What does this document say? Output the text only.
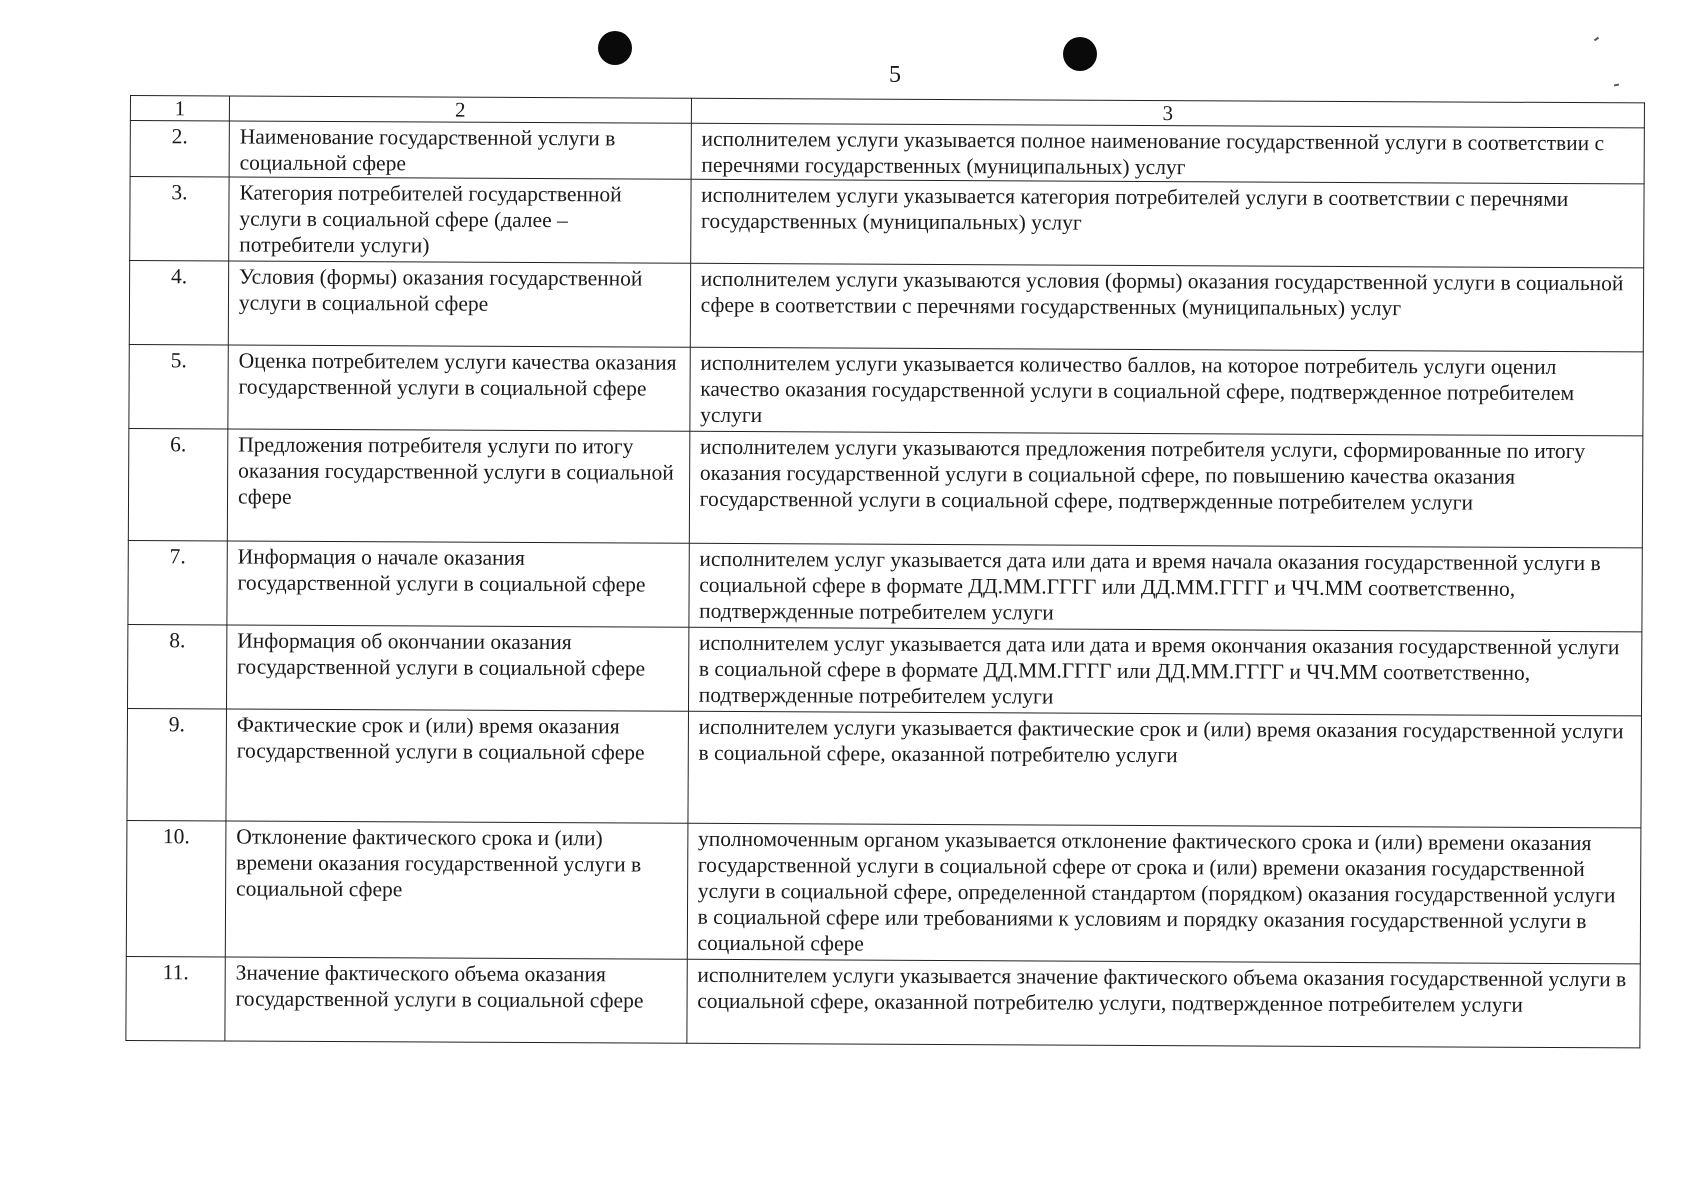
5
1	2	3
2.	Наименование государственной услуги в социальной сфере	исполнителем услуги указывается полное наименование государственной услуги в соответствии с перечнями государственных (муниципальных) услуг
3.	Категория потребителей государственной услуги в социальной сфере (далее – потребители услуги)	исполнителем услуги указывается категория потребителей услуги в соответствии с перечнями государственных (муниципальных) услуг
4.	Условия (формы) оказания государственной услуги в социальной сфере	исполнителем услуги указываются условия (формы) оказания государственной услуги в социальной сфере в соответствии с перечнями государственных (муниципальных) услуг
5.	Оценка потребителем услуги качества оказания государственной услуги в социальной сфере	исполнителем услуги указывается количество баллов, на которое потребитель услуги оценил качество оказания государственной услуги в социальной сфере, подтвержденное потребителем услуги
6.	Предложения потребителя услуги по итогу оказания государственной услуги в социальной сфере	исполнителем услуги указываются предложения потребителя услуги, сформированные по итогу оказания государственной услуги в социальной сфере, по повышению качества оказания государственной услуги в социальной сфере, подтвержденные потребителем услуги
7.	Информация о начале оказания государственной услуги в социальной сфере	исполнителем услуг указывается дата или дата и время начала оказания государственной услуги в социальной сфере в формате ДД.ММ.ГГГГ или ДД.ММ.ГГГГ и ЧЧ.ММ соответственно, подтвержденные потребителем услуги
8.	Информация об окончании оказания государственной услуги в социальной сфере	исполнителем услуг указывается дата или дата и время окончания оказания государственной услуги в социальной сфере в формате ДД.ММ.ГГГГ или ДД.ММ.ГГГГ и ЧЧ.ММ соответственно, подтвержденные потребителем услуги
9.	Фактические срок и (или) время оказания государственной услуги в социальной сфере	исполнителем услуги указывается фактические срок и (или) время оказания государственной услуги в социальной сфере, оказанной потребителю услуги
10.	Отклонение фактического срока и (или) времени оказания государственной услуги в социальной сфере	уполномоченным органом указывается отклонение фактического срока и (или) времени оказания государственной услуги в социальной сфере от срока и (или) времени оказания государственной услуги в социальной сфере, определенной стандартом (порядком) оказания государственной услуги в социальной сфере или требованиями к условиям и порядку оказания государственной услуги в социальной сфере
11.	Значение фактического объема оказания государственной услуги в социальной сфере	исполнителем услуги указывается значение фактического объема оказания государственной услуги в социальной сфере, оказанной потребителю услуги, подтвержденное потребителем услуги
